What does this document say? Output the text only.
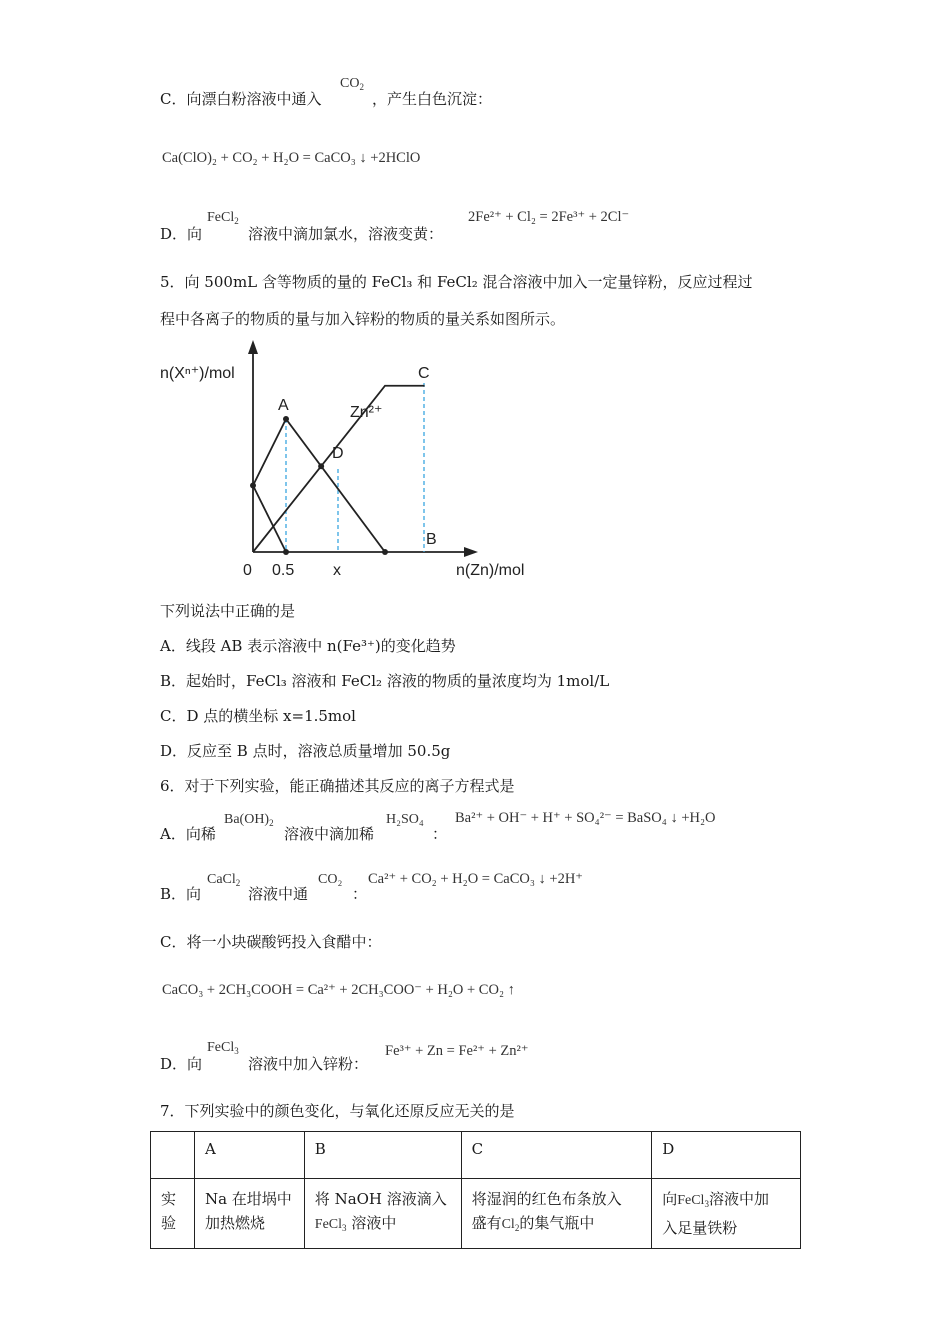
C．向漂白粉溶液中通入
$CO_2$
，产生白色沉淀：
Ca(ClO)₂ + CO₂ + H₂O = CaCO₃ ↓ +2HClO
D．向
FeCl$_2$
溶液中滴加氯水，溶液变黄：
2Fe²⁺ + Cl₂ = 2Fe³⁺ + 2Cl⁻
5．向 500mL 含等物质的量的 FeCl₃ 和 FeCl₂ 混合溶液中加入一定量锌粉，反应过程过
程中各离子的物质的量与加入锌粉的物质的量关系如图所示。
n(Xⁿ⁺)/mol
n(Zn)/mol
0 0.5 x
A
B
C
D
Zn²⁺
下列说法中正确的是
A．线段 AB 表示溶液中 n(Fe³⁺)的变化趋势
B．起始时，FeCl₃ 溶液和 FeCl₂ 溶液的物质的量浓度均为 1mol/L
C．D 点的横坐标 x=1.5mol
D．反应至 B 点时，溶液总质量增加 50.5g
6．对于下列实验，能正确描述其反应的离子方程式是
A．向稀
$Ba(OH)_2$
溶液中滴加稀
H₂SO₄
：
Ba²⁺ + OH⁻ + H⁺ + SO₄²⁻ = BaSO₄ ↓ +H₂O
B．向
CaCl$_2$
溶液中通
CO₂
：
Ca²⁺ + CO₂ + H₂O = CaCO₃ ↓ +2H⁺
C．将一小块碳酸钙投入食醋中：
CaCO₃ + 2CH₃COOH = Ca²⁺ + 2CH₃COO⁻ + H₂O + CO₂ ↑
D．向
FeCl$_3$
溶液中加入锌粉：
Fe³⁺ + Zn = Fe²⁺ + Zn²⁺
7．下列实验中的颜色变化，与氧化还原反应无关的是
	A	B	C	D
实
验	Na 在坩埚中加热燃烧	将 NaOH 溶液滴入
FeCl$_3$ 溶液中	将湿润的红色布条放入
盛有$Cl_2$的集气瓶中	向FeCl$_3$溶液中加
入足量铁粉
